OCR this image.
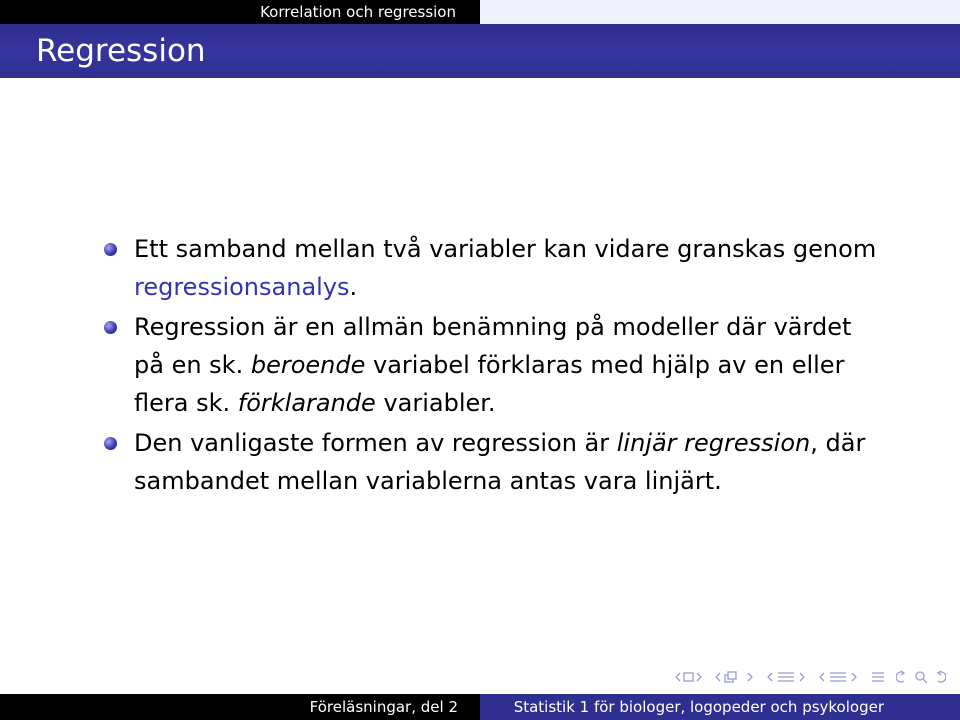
Korrelation och regression
Regression
Ett samband mellan två variabler kan vidare granskas genom regressionsanalys.
Regression är en allmän benämning på modeller där värdet på en sk. beroende variabel förklaras med hjälp av en eller flera sk. förklarande variabler.
Den vanligaste formen av regression är linjär regression, där sambandet mellan variablerna antas vara linjärt.
Föreläsningar, del 2	Statistik 1 för biologer, logopeder och psykologer
